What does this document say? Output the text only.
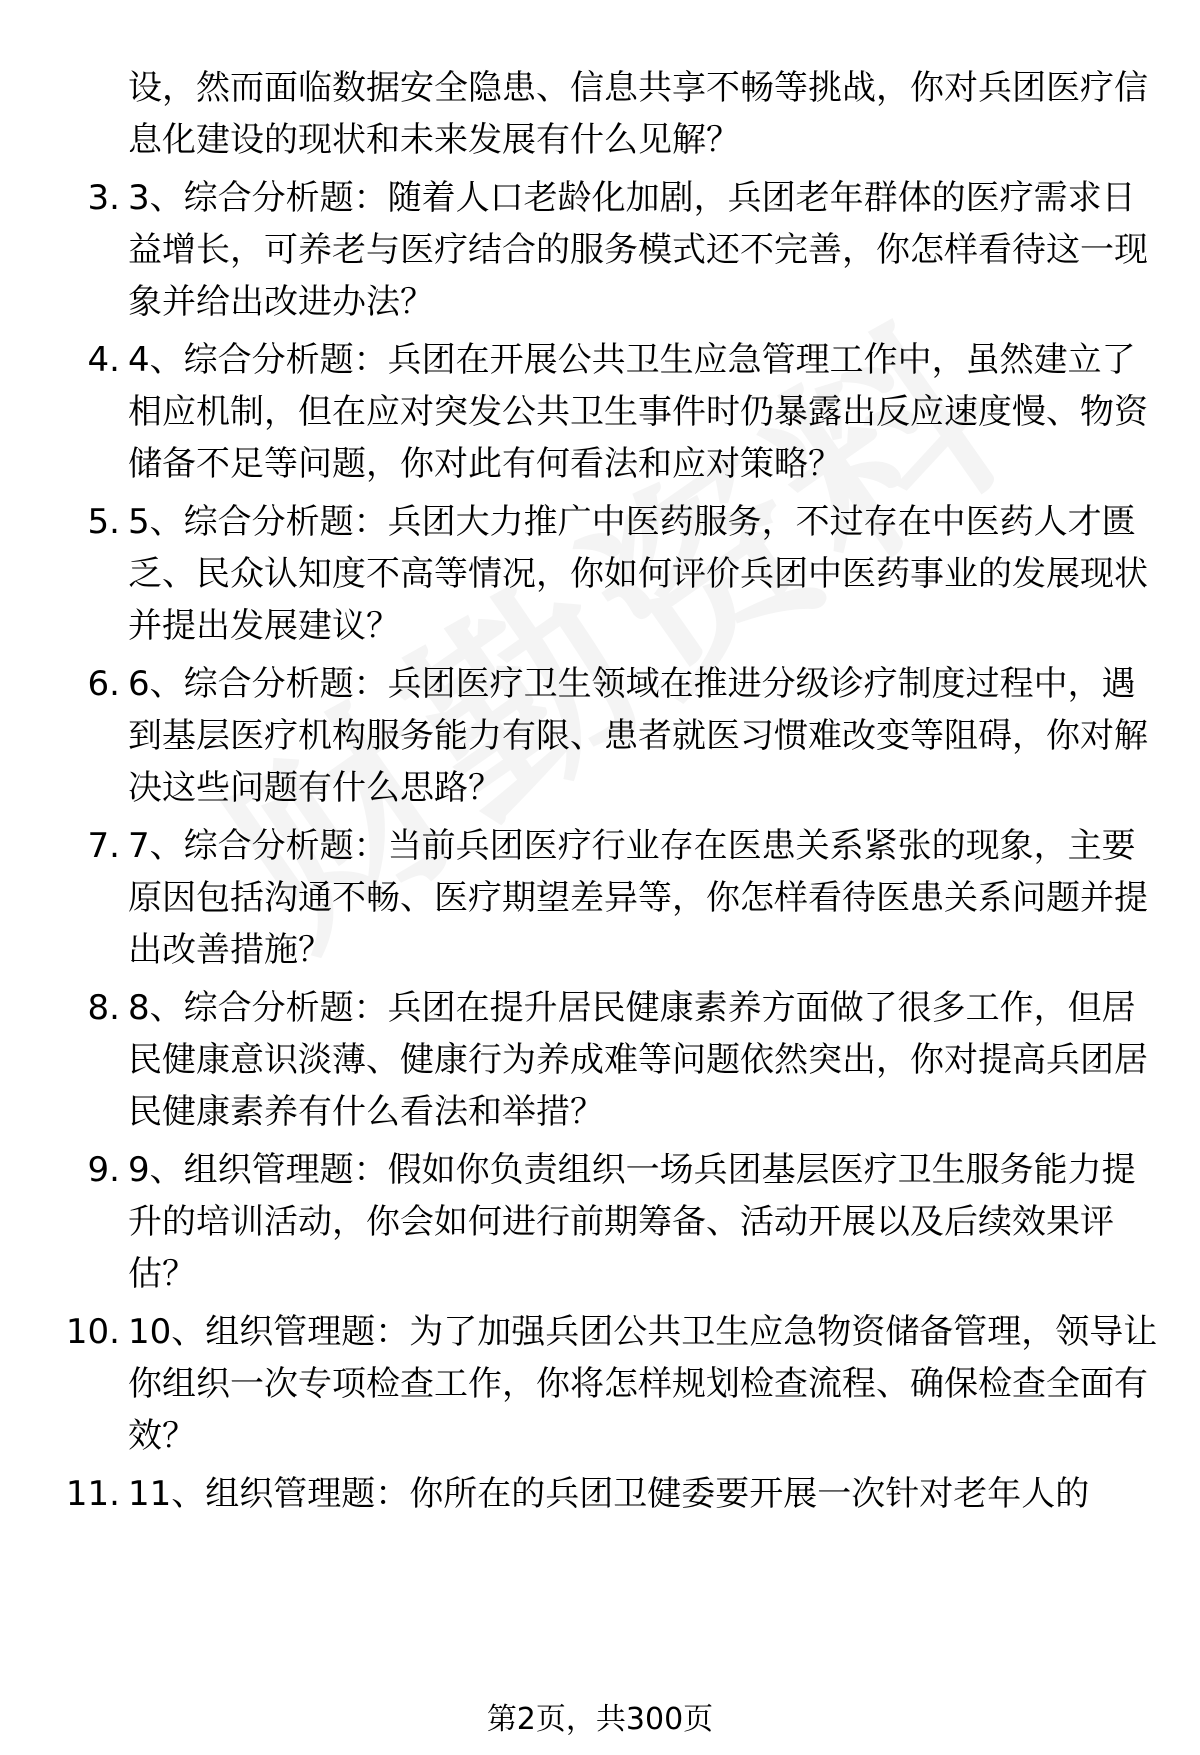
设，然而面临数据安全隐患、信息共享不畅等挑战，你对兵团医疗信息化建设的现状和未来发展有什么见解？
3. 3、综合分析题：随着人口老龄化加剧，兵团老年群体的医疗需求日益增长，可养老与医疗结合的服务模式还不完善，你怎样看待这一现象并给出改进办法？
4. 4、综合分析题：兵团在开展公共卫生应急管理工作中，虽然建立了相应机制，但在应对突发公共卫生事件时仍暴露出反应速度慢、物资储备不足等问题，你对此有何看法和应对策略？
5. 5、综合分析题：兵团大力推广中医药服务，不过存在中医药人才匮乏、民众认知度不高等情况，你如何评价兵团中医药事业的发展现状并提出发展建议？
6. 6、综合分析题：兵团医疗卫生领域在推进分级诊疗制度过程中，遇到基层医疗机构服务能力有限、患者就医习惯难改变等阻碍，你对解决这些问题有什么思路？
7. 7、综合分析题：当前兵团医疗行业存在医患关系紧张的现象，主要原因包括沟通不畅、医疗期望差异等，你怎样看待医患关系问题并提出改善措施？
8. 8、综合分析题：兵团在提升居民健康素养方面做了很多工作，但居民健康意识淡薄、健康行为养成难等问题依然突出，你对提高兵团居民健康素养有什么看法和举措？
9. 9、组织管理题：假如你负责组织一场兵团基层医疗卫生服务能力提升的培训活动，你会如何进行前期筹备、活动开展以及后续效果评估？
10. 10、组织管理题：为了加强兵团公共卫生应急物资储备管理，领导让你组织一次专项检查工作，你将怎样规划检查流程、确保检查全面有效？
11. 11、组织管理题：你所在的兵团卫健委要开展一次针对老年人的
第2页，共300页
